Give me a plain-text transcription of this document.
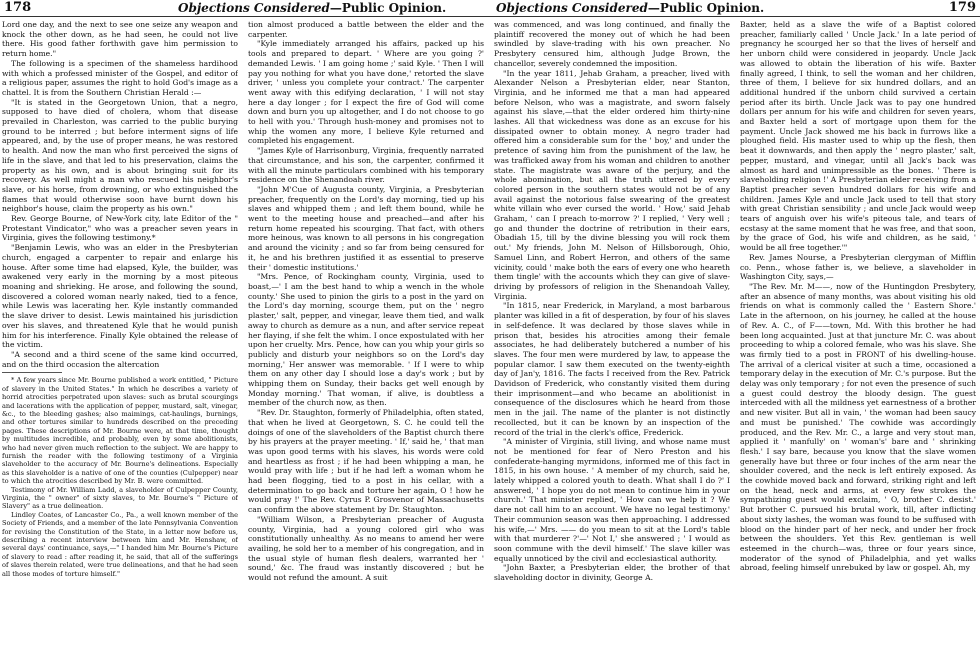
178	Objections Considered—Public Opinion.

Lord one day, and the next to see one seize any weapon and knock the other down, as he had seen, he could not live there. His good father forthwith gave him permission to return home."

The following is a specimen of the shameless hardihood with which a professed minister of the Gospel, and editor of a religious paper, assumes the right to hold God's image as a chattel. It is from the Southern Christian Herald :—

"It is stated in the Georgetown Union, that a negro, supposed to have died of cholera, whom that disease prevailed in Charleston, was carried to the public burying ground to be interred ; but before interment signs of life appeared, and, by the use of proper means, he was restored to health. And now the man who first perceived the signs of life in the slave, and that led to his preservation, claims the property as his own, and is about bringing suit for its recovery. As well might a man who rescued his neighbor's slave, or his horse, from drowning, or who extinguished the flames that would otherwise soon have burnt down his neighbor's house, claim the property as his own."

Rev. George Bourne, of New-York city, late Editor of the " Protestant Vindicator," who was a preacher seven years in Virginia, gives the following testimony.*

"Benjamin Lewis, who was an elder in the Presbyterian church, engaged a carpenter to repair and enlarge his house. After some time had elapsed, Kyle, the builder, was awakened very early in the morning by a most piteous moaning and shrieking. He arose, and following the sound, discovered a colored woman nearly naked, tied to a fence, while Lewis was lacerating her. Kyle instantly commanded the slave driver to desist. Lewis maintained his jurisdiction over his slaves, and threatened Kyle that he would punish him for his interference. Finally Kyle obtained the release of the victim.

"A second and a third scene of the same kind occurred, and on the third occasion the altercation

* A few years since Mr. Bourne published a work entitled, " Picture of slavery in the United States." In which he describes a variety of horrid atrocities perpetrated upon slaves: such as brutal scourgings and lacerations with the application of pepper, mustard, salt, vinegar, &c., to the bleeding gashes; also maimings, cat-haulings, burnings, and other tortures similar to hundreds described on the preceding pages. These descriptions of Mr. Bourne were, at that time, thought by multitudes incredible, and probably, even by some abolitionists, who had never given much reflection to the subject. We are happy to furnish the reader with the following testimony of a Virginia slaveholder to the accuracy of Mr. Bourne's delineations. Especially as this slaveholder is a native of one of the counties (Culpepper) near to which the atrocities described by Mr. B. were committed.

Testimony of Mr. William Ladd, a slaveholder of Culpepper County, Virginia, the " owner" of sixty slaves, to Mr. Bourne's " Picture of Slavery" as a true delineation.

Lindley Coates, of Lancaster Co., Pa., a well known member of the Society of Friends, and a member of the late Pennsylvania Convention for revising the Constitution of the State, in a letter now before us, describing a recent interview between him and Mr. Henshaw, of several days' continuance, says,—" I handed him Mr. Bourne's Picture of slavery to read : after reading it, he said, that all of the sufferings of slaves therein related, were true delineations, and that he had seen all those modes of torture himself."

tion almost produced a battle between the elder and the carpenter.

"Kyle immediately arranged his affairs, packed up his tools and prepared to depart. ' Where are you going ?' demanded Lewis. ' I am going home ;' said Kyle. ' Then I will pay you nothing for what you have done,' retorted the slave driver, ' unless you complete your contract.' The carpenter went away with this edifying declaration, ' I will not stay here a day longer ; for I expect the fire of God will come down and burn you up altogether, and I do not choose to go to hell with you.' Through hush-money and promises not to whip the women any more, I believe Kyle returned and completed his engagement.

"James Kyle of Harrisonburg, Virginia, frequently narrated that circumstance, and his son, the carpenter, confirmed it with all the minute particulars combined with his temporary residence on the Shenandoah river.

"John M'Cue of Augusta county, Virginia, a Presbyterian preacher, frequently on the Lord's day morning, tied up his slaves and whipped them ; and left them bound, while he went to the meeting house and preached—and after his return home repeated his scourging. That fact, with others more heinous, was known to all persons in his congregation and around the vicinity ; and so far from being censured for it, he and his brethren justified it as essential to preserve their ' domestic institutions.'

"Mrs. Pence, of Rockingham county, Virginia, used to boast,—' I am the best hand to whip a wench in the whole county.' She used to pinion the girls to a post in the yard on the Lord's day morning, scourge them, put on the ' negro plaster,' salt, pepper, and vinegar, leave them tied, and walk away to church as demure as a nun, and after service repeat her flaying, if she felt the whim. I once expostulated with her upon her cruelty. Mrs. Pence, how can you whip your girls so publicly and disturb your neighbors so on the Lord's day morning,' Her answer was memorable. ' If I were to whip them on any other day I should lose a day's work ; but by whipping them on Sunday, their backs get well enough by Monday morning.' That woman, if alive, is doubtless a member of the church now, as then.

"Rev. Dr. Staughton, formerly of Philadelphia, often stated, that when he lived at Georgetown, S. C. he could tell the doings of one of the slaveholders of the Baptist church there by his prayers at the prayer meeting. ' If,' said he, ' that man was upon good terms with his slaves, his words were cold and heartless as frost ; if he had been whipping a man, he would pray with life ; but if he had left a woman whom he had been flogging, tied to a post in his cellar, with a determination to go back and torture her again, O ! how he would pray !' The Rev. Cyrus P. Grosvenor of Massachusetts can confirm the above statement by Dr. Staughton.

"William Wilson, a Presbyterian preacher of Augusta county, Virginia, had a young colored girl who was constitutionally unhealthy. As no means to amend her were availing, he sold her to a member of his congregation, and in the usual style of human flesh dealers, warranted her ' sound,' &c. The fraud was instantly discovered ; but he would not refund the amount. A suit

Objections Considered—Public Opinion.	179

was commenced, and was long continued, and finally the plaintiff recovered the money out of which he had been swindled by slave-trading with his own preacher. No Presbytery censured him, although Judge Brown, the chancellor, severely condemned the imposition.

"In the year 1811, Jehab Graham, a preacher, lived with Alexander Nelson a Presbyterian elder, near Stanton, Virginia, and he informed me that a man had appeared before Nelson, who was a magistrate, and sworn falsely against his slave,—that the elder ordered him thirty-nine lashes. All that wickedness was done as an excuse for his dissipated owner to obtain money. A negro trader had offered him a considerable sum for the ' boy,' and under the pretence of saving him from the punishment of the law, he was trafficked away from his woman and children to another state. The magistrate was aware of the perjury, and the whole abomination, but all the truth uttered by every colored person in the southern states would not be of any avail against the notorious false swearing of the greatest white villain who ever cursed the world. ' How,' said Jehab Graham, ' can I preach to-morrow ?' I replied, ' Very well ; go and thunder the doctrine of retribution in their ears, Obadiah 15, till by the divine blessing you will rock them out.' My friends, John M. Nelson of Hillsborough, Ohio, Samuel Linn, and Robert Herron, and others of the same vicinity, could ' make both the ears of every one who heareth them tingle' with the accounts which they can give of slave-driving by professors of religion in the Shenandoah Valley, Virginia.

"In 1815, near Frederick, in Maryland, a most barbarous planter was killed in a fit of desperation, by four of his slaves in self-defence. It was declared by those slaves while in prison that, besides his atrocities among their female associates, he had deliberately butchered a number of his slaves. The four men were murdered by law, to appease the popular clamor. I saw them executed on the twenty-eighth day of Jan'y, 1816. The facts I received from the Rev. Patrick Davidson of Frederick, who constantly visited them during their imprisonment—and who became an abolitionist in consequence of the disclosures which he heard from those men in the jail. The name of the planter is not distinctly recollected, but it can be known by an inspection of the record of the trial in the clerk's office, Frederick.

"A minister of Virginia, still living, and whose name must not be mentioned for fear of Nero Preston and his confederate-hanging myrmidons, informed me of this fact in 1815, in his own house. ' A member of my church, said he, lately whipped a colored youth to death. What shall I do ?' I answered, ' I hope you do not mean to continue him in your church.' That minister replied, ' How can we help it ? We dare not call him to an account. We have no legal testimony.' Their communion season was then approaching. I addressed his wife,—' Mrs. —— do you mean to sit at the Lord's table with that murderer ?'—' Not I,' she answered ; ' I would as soon commune with the devil himself.' The slave killer was equally unnoticed by the civil and ecclesiastical authority.

"John Baxter, a Presbyterian elder, the brother of that slaveholding doctor in divinity, George A.

Baxter, held as a slave the wife of a Baptist colored preacher, familiarly called ' Uncle Jack.' In a late period of pregnancy he scourged her so that the lives of herself and her unborn child were considered in jeopardy. Uncle Jack was allowed to obtain the liberation of his wife. Baxter finally agreed, I think, to sell the woman and her children, three of them, I believe for six hundred dollars, and an additional hundred if the unborn child survived a certain period after its birth. Uncle Jack was to pay one hundred dollars per annum for his wife and children for seven years, and Baxter held a sort of mortgage upon them for the payment. Uncle Jack showed me his back in furrows like a ploughed field. His master used to whip up the flesh, then beat it downwards, and then apply the ' negro plaster,' salt, pepper, mustard, and vinegar, until all Jack's back was almost as hard and unimpressible as the bones. ' There is slaveholding religion !' A Presbyterian elder receiving from a Baptist preacher seven hundred dollars for his wife and children. James Kyle and uncle Jack used to tell that story with great Christian sensibility ; and uncle Jack would weep tears of anguish over his wife's piteous tale, and tears of ecstasy at the same moment that he was free, and that soon, by the grace of God, his wife and children, as he said, ' would be all free together.'"

Rev. James Nourse, a Presbyterian clergyman of Mifflin co. Penn., whose father is, we believe, a slaveholder in Washington City, says,—

"The Rev. Mr. M——, now of the Huntingdon Presbytery, after an absence of many months, was about visiting his old friends on what is commonly called the ' Eastern Shore.' Late in the afternoon, on his journey, he called at the house of Rev. A. C., of F——town, Md. With this brother he had been long acquainted. Just at that juncture Mr. C. was about proceeding to whip a colored female, who was his slave. She was firmly tied to a post in FRONT of his dwelling-house. The arrival of a clerical visiter at such a time, occasioned a temporary delay in the execution of Mr. C.'s purpose. But the delay was only temporary ; for not even the presence of such a guest could destroy the bloody design. The guest interceded with all the mildness yet earnestness of a brother and new visiter. But all in vain, ' the woman had been saucy and must be punished.' The cowhide was accordingly produced, and the Rev. Mr. C., a large and very stout man, applied it ' manfully' on ' woman's' bare and ' shrinking flesh.' I say bare, because you know that the slave women generally have but three or four inches of the arm near the shoulder covered, and the neck is left entirely exposed. As the cowhide moved back and forward, striking right and left on the head, neck and arms, at every few strokes the sympathizing guest would exclaim, ' O, brother C. desist.' But brother C. pursued his brutal work, till, after inflicting about sixty lashes, the woman was found to be suffused with blood on the hinder part of her neck, and under her frock between the shoulders. Yet this Rev. gentleman is well esteemed in the church—was, three or four years since, moderator of the synod of Philadelphia, and yet walks abroad, feeling himself unrebuked by law or gospel. Ah, my
